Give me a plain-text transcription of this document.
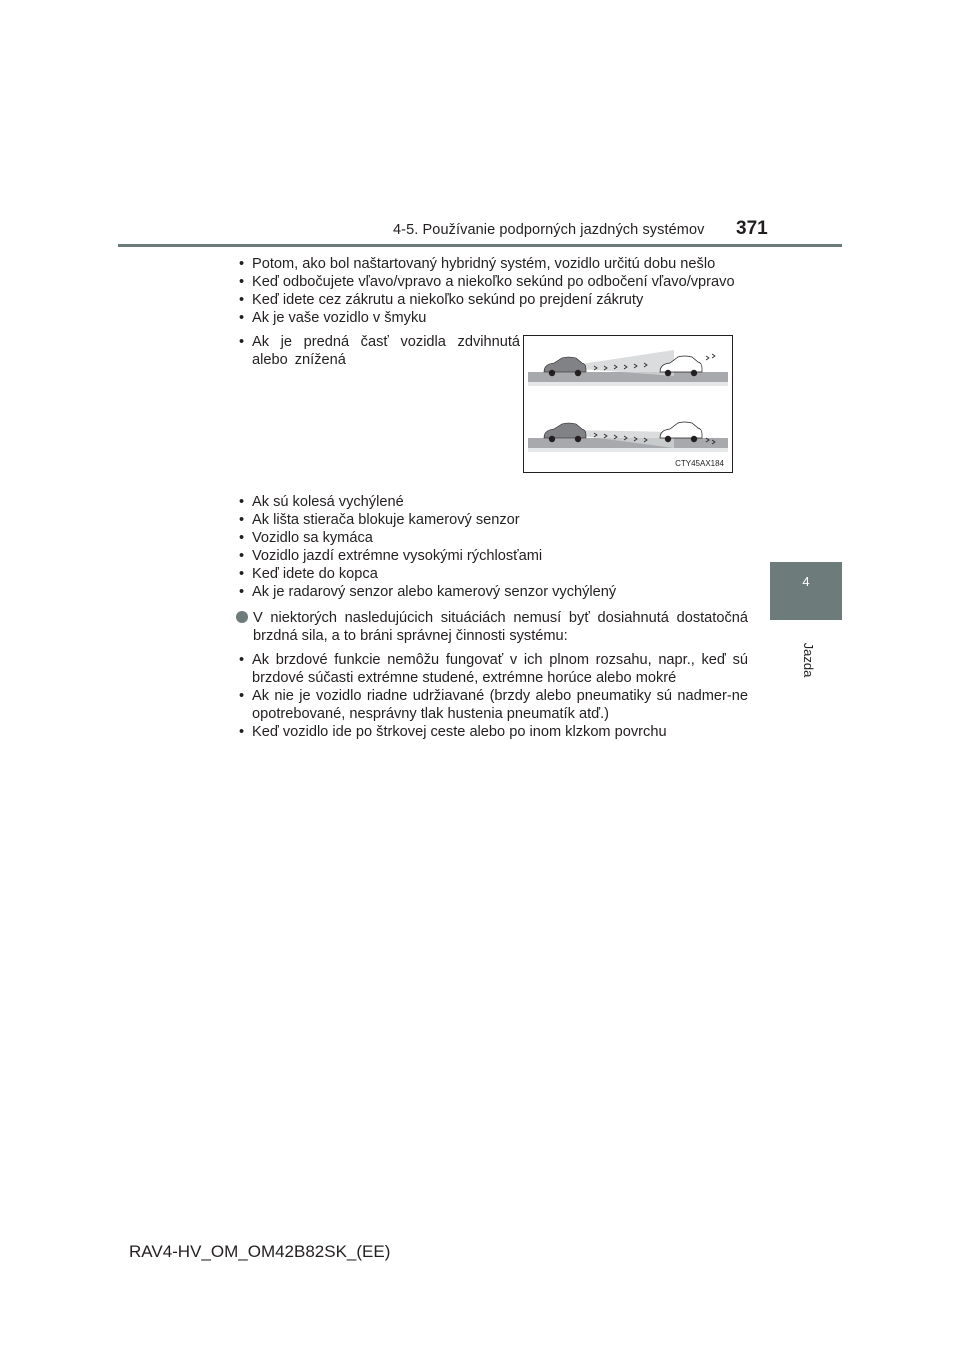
4-5. Používanie podporných jazdných systémov 371
4
Jazda
• Potom, ako bol naštartovaný hybridný systém, vozidlo určitú dobu nešlo
• Keď odbočujete vľavo/vpravo a niekoľko sekúnd po odbočení vľavo/vpravo
• Keď idete cez zákrutu a niekoľko sekúnd po prejdení zákruty
• Ak je vaše vozidlo v šmyku
• Ak je predná časť vozidla zdvihnutá alebo znížená
• Ak sú kolesá vychýlené
• Ak lišta stierača blokuje kamerový senzor
• Vozidlo sa kymáca
• Vozidlo jazdí extrémne vysokými rýchlosťami
• Keď idete do kopca
• Ak je radarový senzor alebo kamerový senzor vychýlený
V niektorých nasledujúcich situáciách nemusí byť dosiahnutá dostatočná brzdná sila, a to bráni správnej činnosti systému:
• Ak brzdové funkcie nemôžu fungovať v ich plnom rozsahu, napr., keď sú brzdové súčasti extrémne studené, extrémne horúce alebo mokré
• Ak nie je vozidlo riadne udržiavané (brzdy alebo pneumatiky sú nadmer-ne opotrebované, nesprávny tlak hustenia pneumatík atď.)
• Keď vozidlo ide po štrkovej ceste alebo po inom klzkom povrchu
CTY45AX184
RAV4-HV_OM_OM42B82SK_(EE)
